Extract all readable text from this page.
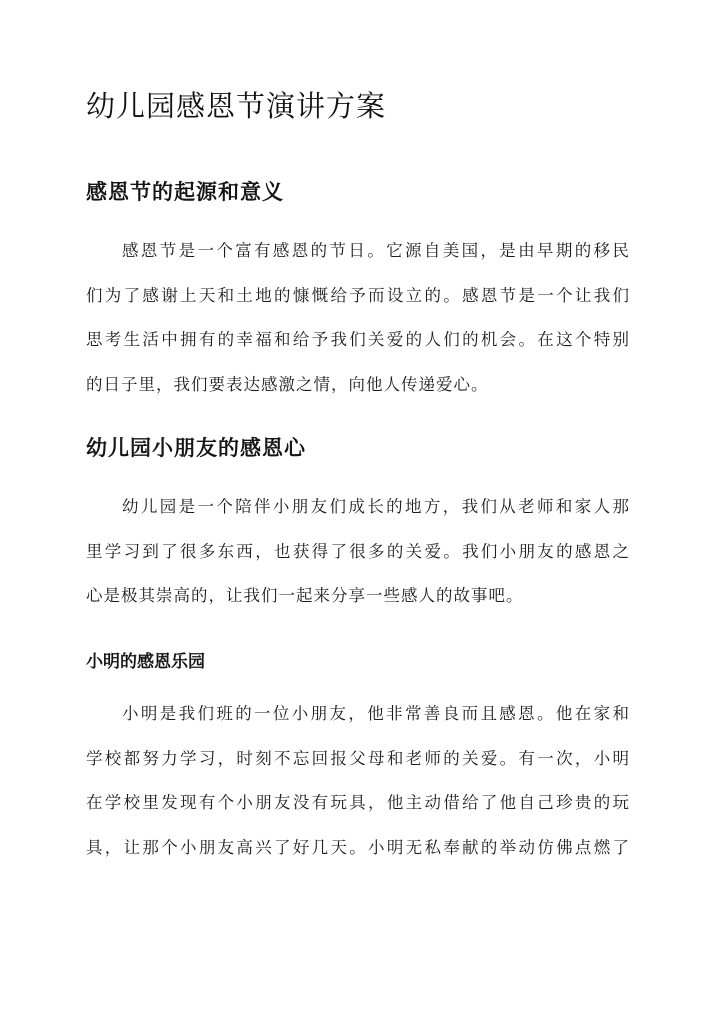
幼儿园感恩节演讲方案
感恩节的起源和意义
感恩节是一个富有感恩的节日。它源自美国，是由早期的移民
们为了感谢上天和土地的慷慨给予而设立的。感恩节是一个让我们
思考生活中拥有的幸福和给予我们关爱的人们的机会。在这个特别
的日子里，我们要表达感激之情，向他人传递爱心。
幼儿园小朋友的感恩心
幼儿园是一个陪伴小朋友们成长的地方，我们从老师和家人那
里学习到了很多东西，也获得了很多的关爱。我们小朋友的感恩之
心是极其崇高的，让我们一起来分享一些感人的故事吧。
小明的感恩乐园
小明是我们班的一位小朋友，他非常善良而且感恩。他在家和
学校都努力学习，时刻不忘回报父母和老师的关爱。有一次，小明
在学校里发现有个小朋友没有玩具，他主动借给了他自己珍贵的玩
具，让那个小朋友高兴了好几天。小明无私奉献的举动仿佛点燃了
